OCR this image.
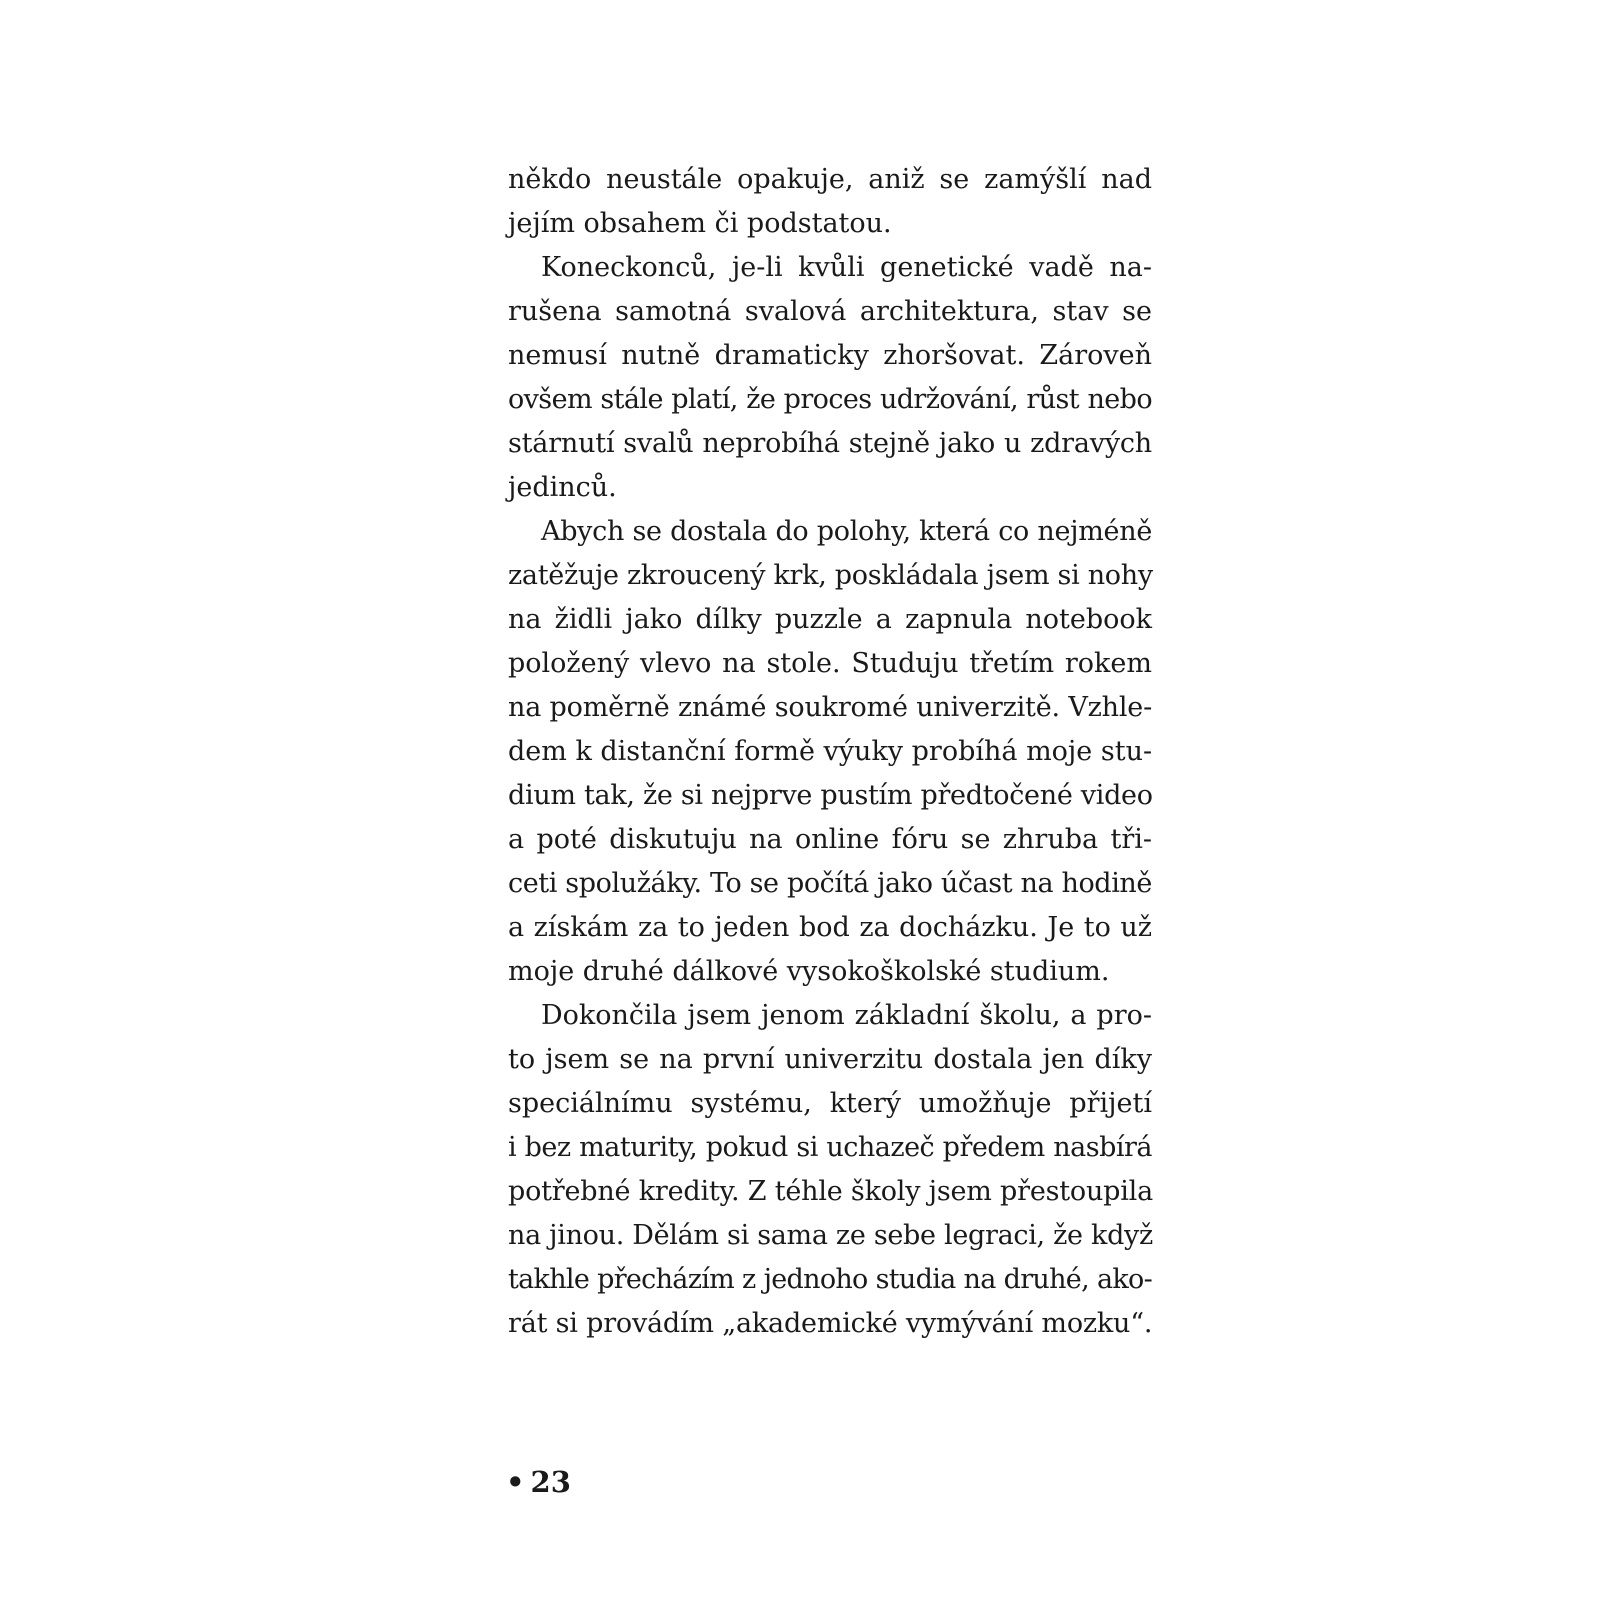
někdo neustále opakuje, aniž se zamýšlí nad
jejím obsahem či podstatou.
Koneckonců, je-li kvůli genetické vadě na-
rušena samotná svalová architektura, stav se
nemusí nutně dramaticky zhoršovat. Zároveň
ovšem stále platí, že proces udržování, růst nebo
stárnutí svalů neprobíhá stejně jako u zdravých
jedinců.
Abych se dostala do polohy, která co nejméně
zatěžuje zkroucený krk, poskládala jsem si nohy
na židli jako dílky puzzle a zapnula notebook
položený vlevo na stole. Studuju třetím rokem
na poměrně známé soukromé univerzitě. Vzhle-
dem k distanční formě výuky probíhá moje stu-
dium tak, že si nejprve pustím předtočené video
a poté diskutuju na online fóru se zhruba tři-
ceti spolužáky. To se počítá jako účast na hodině
a získám za to jeden bod za docházku. Je to už
moje druhé dálkové vysokoškolské studium.
Dokončila jsem jenom základní školu, a pro-
to jsem se na první univerzitu dostala jen díky
speciálnímu systému, který umožňuje přijetí
i bez maturity, pokud si uchazeč předem nasbírá
potřebné kredity. Z téhle školy jsem přestoupila
na jinou. Dělám si sama ze sebe legraci, že když
takhle přecházím z jednoho studia na druhé, ako-
rát si provádím „akademické vymývání mozku“.
• 23
